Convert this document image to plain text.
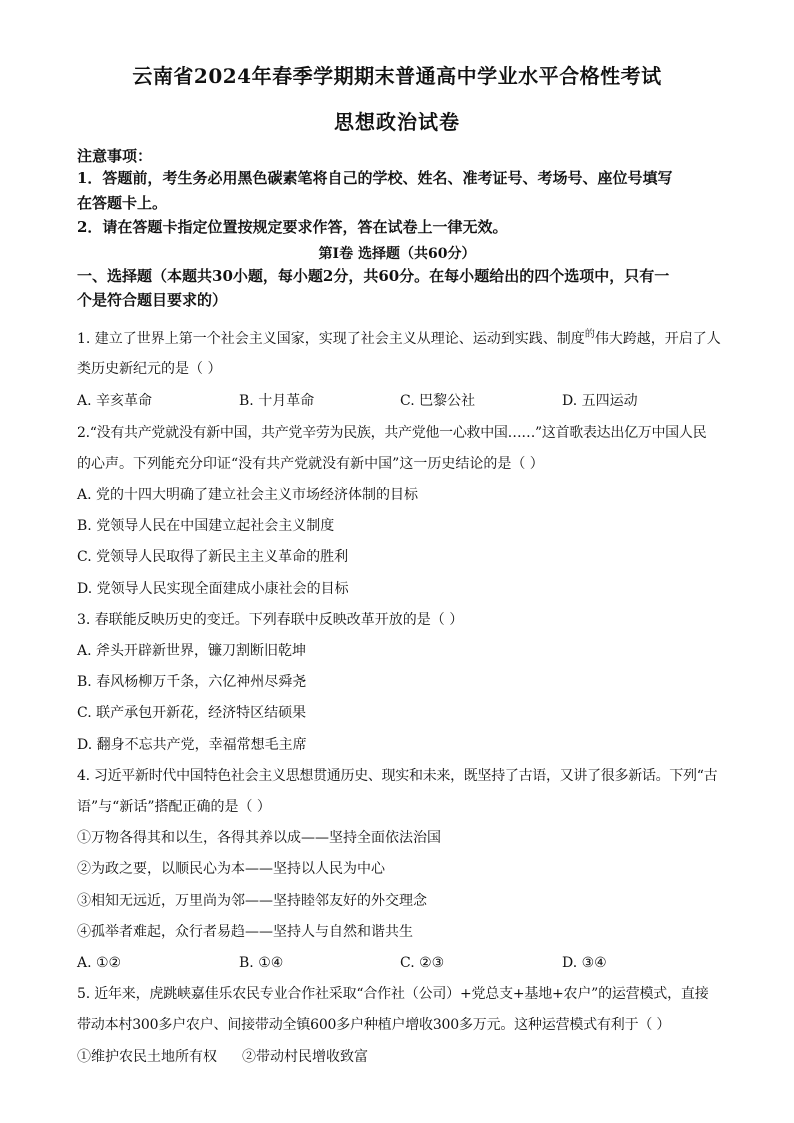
云南省2024年春季学期期末普通高中学业水平合格性考试
思想政治试卷
注意事项：
1．答题前，考生务必用黑色碳素笔将自己的学校、姓名、准考证号、考场号、座位号填写
在答题卡上。
2．请在答题卡指定位置按规定要求作答，答在试卷上一律无效。
第Ⅰ卷 选择题（共60分）
一、选择题（本题共30小题，每小题2分，共60分。在每小题给出的四个选项中，只有一
个是符合题目要求的）
1. 建立了世界上第一个社会主义国家，实现了社会主义从理论、运动到实践、制度$^的$伟大跨越，开启了人
类历史新纪元的是（ ）
A. 辛亥革命	B. 十月革命	C. 巴黎公社	D. 五四运动
2.“没有共产党就没有新中国，共产党辛劳为民族，共产党他一心救中国……”这首歌表达出亿万中国人民
的心声。下列能充分印证“没有共产党就没有新中国”这一历史结论的是（ ）
A. 党的十四大明确了建立社会主义市场经济体制的目标
B. 党领导人民在中国建立起社会主义制度
C. 党领导人民取得了新民主主义革命的胜利
D. 党领导人民实现全面建成小康社会的目标
3. 春联能反映历史的变迁。下列春联中反映改革开放的是（ ）
A. 斧头开辟新世界，镰刀割断旧乾坤
B. 春风杨柳万千条，六亿神州尽舜尧
C. 联产承包开新花，经济特区结硕果
D. 翻身不忘共产党，幸福常想毛主席
4. 习近平新时代中国特色社会主义思想贯通历史、现实和未来，既坚持了古语，又讲了很多新话。下列“古
语”与“新话”搭配正确的是（ ）
①万物各得其和以生，各得其养以成——坚持全面依法治国
②为政之要，以顺民心为本——坚持以人民为中心
③相知无远近，万里尚为邻——坚持睦邻友好的外交理念
④孤举者难起，众行者易趋——坚持人与自然和谐共生
A. ①②	B. ①④	C. ②③	D. ③④
5. 近年来，虎跳峡嘉佳乐农民专业合作社采取“合作社（公司）+党总支+基地+农户”的运营模式，直接
带动本村300多户农户、间接带动全镇600多户种植户增收300多万元。这种运营模式有利于（ ）
①维护农民土地所有权 ②带动村民增收致富
